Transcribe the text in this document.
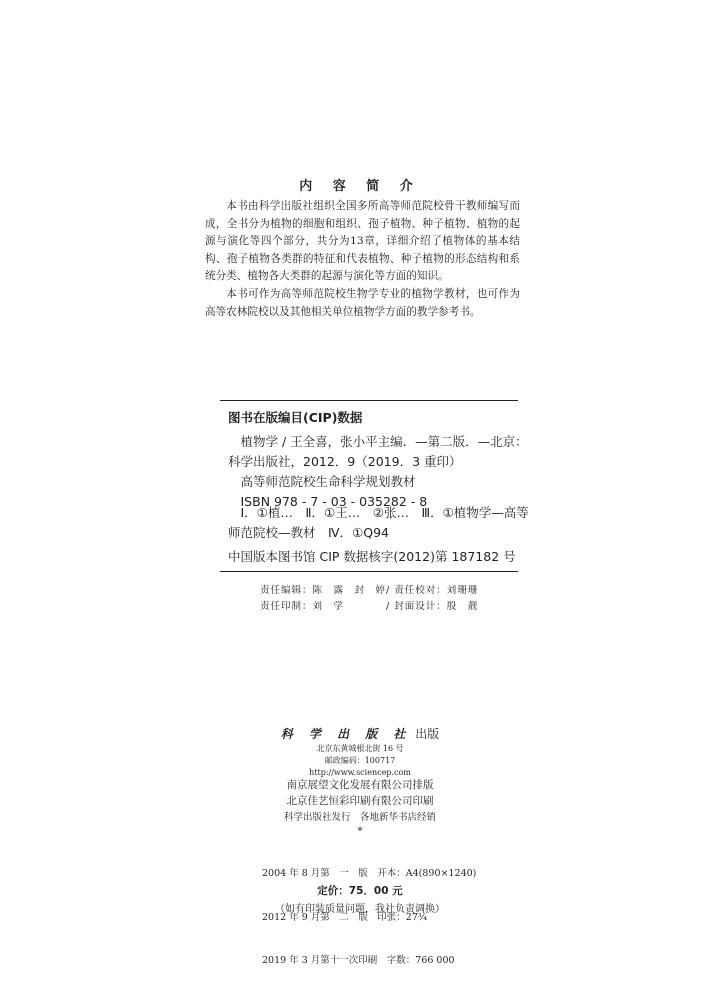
内 容 简 介

本书由科学出版社组织全国多所高等师范院校骨干教师编写而成，全书分为植物的细胞和组织、孢子植物、种子植物、植物的起源与演化等四个部分，共分为13章，详细介绍了植物体的基本结构、孢子植物各类群的特征和代表植物、种子植物的形态结构和系统分类、植物各大类群的起源与演化等方面的知识。

本书可作为高等师范院校生物学专业的植物学教材，也可作为高等农林院校以及其他相关单位植物学方面的教学参考书。

图书在版编目(CIP)数据
　植物学 / 王全喜，张小平主编．—第二版．—北京：
科学出版社，2012．9（2019．3 重印）
　高等师范院校生命科学规划教材
　ISBN 978 - 7 - 03 - 035282 - 8
　Ⅰ．①植…　Ⅱ．①王…　②张…　Ⅲ．①植物学—高等
师范院校—教材　Ⅳ．①Q94
中国版本图书馆 CIP 数据核字(2012)第 187182 号
责任编辑：陈　露　封　婷/ 责任校对：刘珊珊
责任印制：刘　学　　　　/ 封面设计：殷　靓
科 学 出 版 社 出版
北京东黄城根北街 16 号
邮政编码：100717
http://www.sciencep.com
南京展望文化发展有限公司排版
北京佳艺恒彩印刷有限公司印刷
科学出版社发行　各地新华书店经销
*

2004 年 8 月第　一　版　开本：A4(890×1240)

2012 年 9 月第　二　版　印张：27¾

2019 年 3 月第十一次印刷　字数：766 000

定价：75．00 元
（如有印装质量问题，我社负责调换）
